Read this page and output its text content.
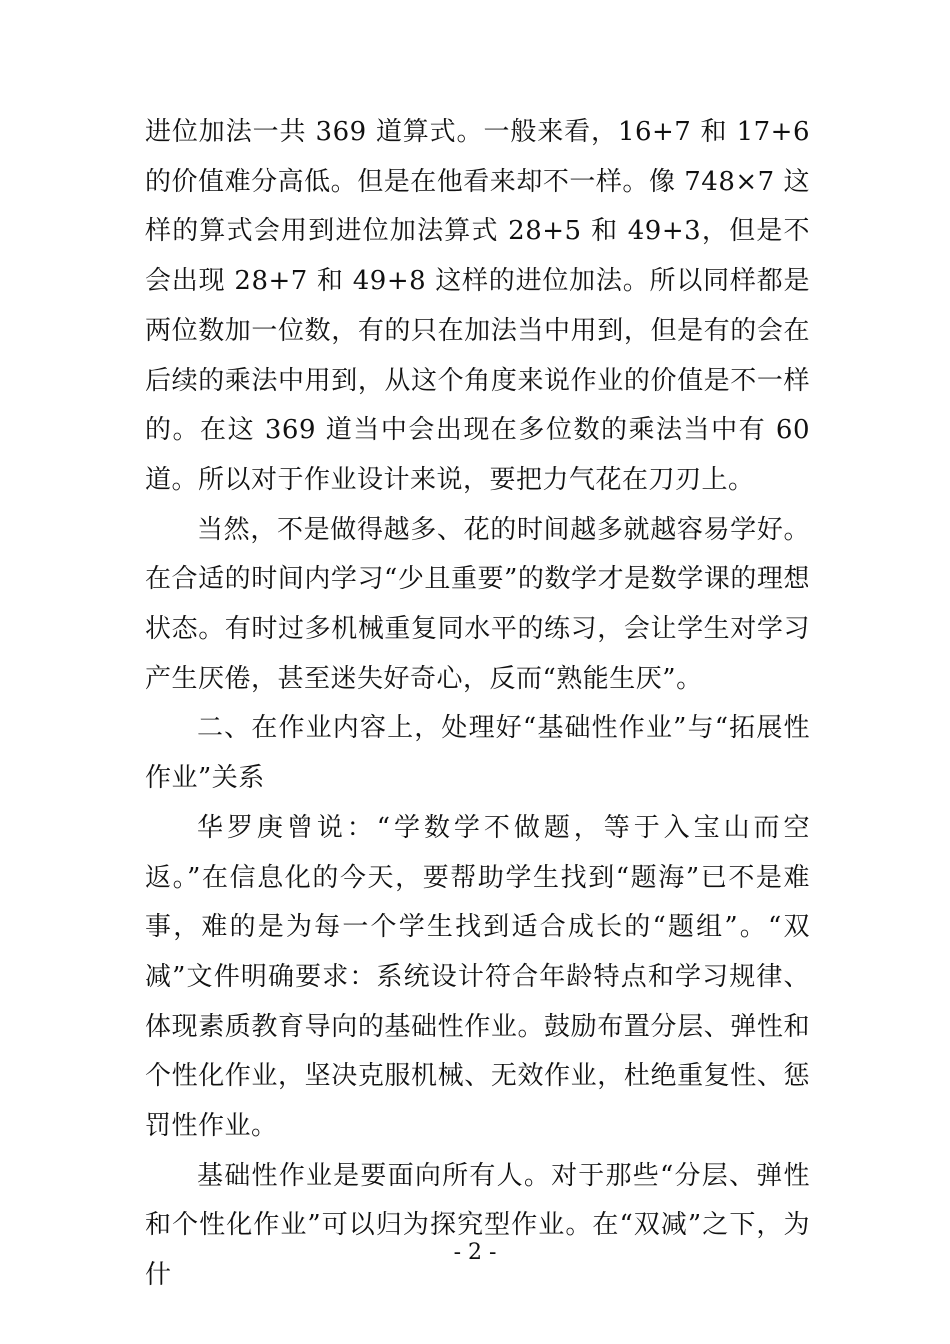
进位加法一共 369 道算式。一般来看，16+7 和 17+6 的价值难分高低。但是在他看来却不一样。像 748×7 这样的算式会用到进位加法算式 28+5 和 49+3，但是不会出现 28+7 和 49+8 这样的进位加法。所以同样都是两位数加一位数，有的只在加法当中用到，但是有的会在后续的乘法中用到，从这个角度来说作业的价值是不一样的。在这 369 道当中会出现在多位数的乘法当中有 60 道。所以对于作业设计来说，要把力气花在刀刃上。

当然，不是做得越多、花的时间越多就越容易学好。在合适的时间内学习“少且重要”的数学才是数学课的理想状态。有时过多机械重复同水平的练习，会让学生对学习产生厌倦，甚至迷失好奇心，反而“熟能生厌”。

二、在作业内容上，处理好“基础性作业”与“拓展性作业”关系

华罗庚曾说：“学数学不做题，等于入宝山而空返。”在信息化的今天，要帮助学生找到“题海”已不是难事，难的是为每一个学生找到适合成长的“题组”。“双减”文件明确要求：系统设计符合年龄特点和学习规律、体现素质教育导向的基础性作业。鼓励布置分层、弹性和个性化作业，坚决克服机械、无效作业，杜绝重复性、惩罚性作业。

基础性作业是要面向所有人。对于那些“分层、弹性和个性化作业”可以归为探究型作业。在“双减”之下，为什

- 2 -
